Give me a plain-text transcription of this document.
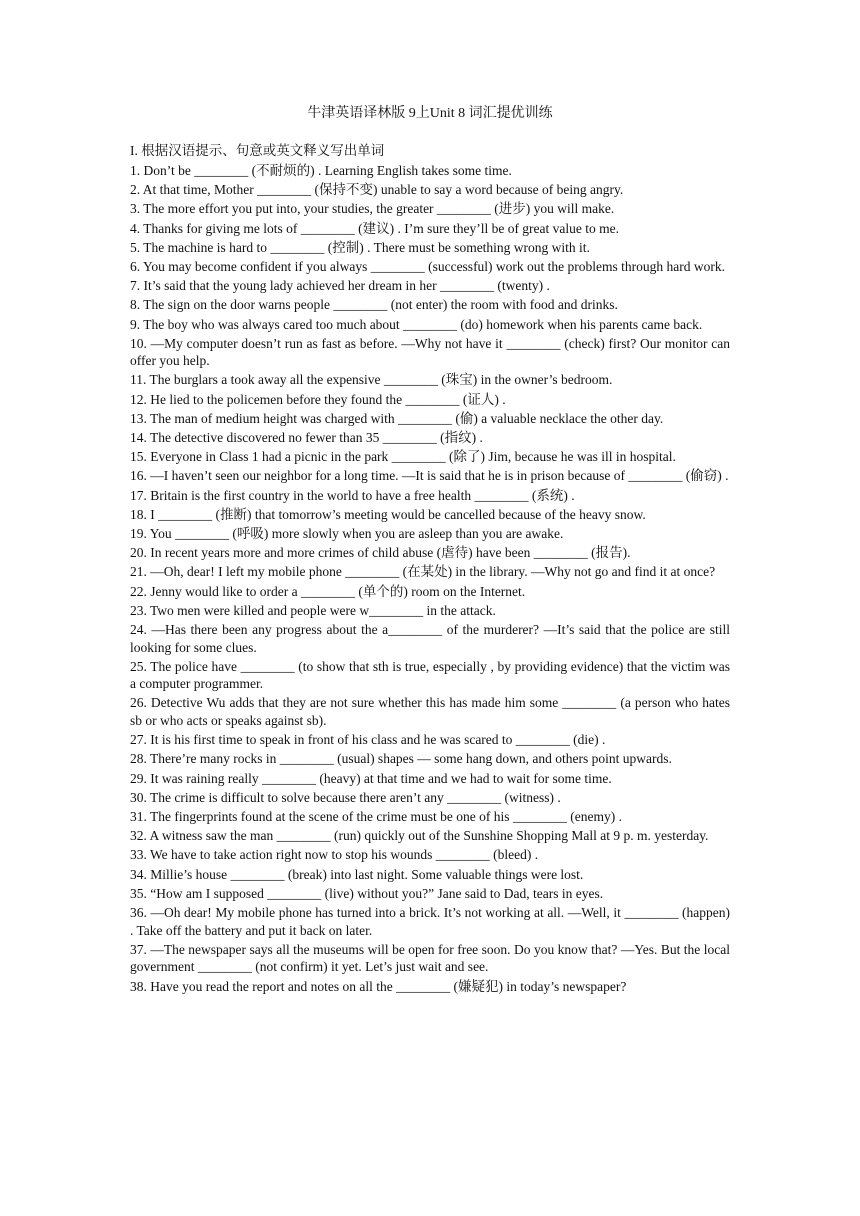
牛津英语译林版 9上Unit 8 词汇提优训练
I. 根据汉语提示、句意或英文释义写出单词
1. Don’t be ________ (不耐烦的) . Learning English takes some time.
2. At that time, Mother ________ (保持不变) unable to say a word because of being angry.
3. The more effort you put into, your studies, the greater ________ (进步) you will make.
4. Thanks for giving me lots of ________ (建议) . I’m sure they’ll be of great value to me.
5. The machine is hard to ________ (控制) . There must be something wrong with it.
6. You may become confident if you always ________ (successful) work out the problems through hard work.
7. It’s said that the young lady achieved her dream in her ________ (twenty) .
8. The sign on the door warns people ________ (not enter) the room with food and drinks.
9. The boy who was always cared too much about ________ (do) homework when his parents came back.
10. —My computer doesn’t run as fast as before. —Why not have it ________ (check) first? Our monitor can offer you help.
11. The burglars a took away all the expensive ________ (珠宝) in the owner’s bedroom.
12. He lied to the policemen before they found the ________ (证人) .
13. The man of medium height was charged with ________ (偷) a valuable necklace the other day.
14. The detective discovered no fewer than 35 ________ (指纹) .
15. Everyone in Class 1 had a picnic in the park ________ (除了) Jim, because he was ill in hospital.
16. —I haven’t seen our neighbor for a long time. —It is said that he is in prison because of ________ (偷窃) .
17. Britain is the first country in the world to have a free health ________ (系统) .
18. I ________ (推断) that tomorrow’s meeting would be cancelled because of the heavy snow.
19. You ________ (呼吸) more slowly when you are asleep than you are awake.
20. In recent years more and more crimes of child abuse (虐待) have been ________ (报告).
21. —Oh, dear! I left my mobile phone ________ (在某处) in the library. —Why not go and find it at once?
22. Jenny would like to order a ________ (单个的) room on the Internet.
23. Two men were killed and people were w________ in the attack.
24. —Has there been any progress about the a________ of the murderer? —It’s said that the police are still looking for some clues.
25. The police have ________ (to show that sth is true, especially , by providing evidence) that the victim was a computer programmer.
26. Detective Wu adds that they are not sure whether this has made him some ________ (a person who hates sb or who acts or speaks against sb).
27. It is his first time to speak in front of his class and he was scared to ________ (die) .
28. There’re many rocks in ________ (usual) shapes — some hang down, and others point upwards.
29. It was raining really ________ (heavy) at that time and we had to wait for some time.
30. The crime is difficult to solve because there aren’t any ________ (witness) .
31. The fingerprints found at the scene of the crime must be one of his ________ (enemy) .
32. A witness saw the man ________ (run) quickly out of the Sunshine Shopping Mall at 9 p. m. yesterday.
33. We have to take action right now to stop his wounds ________ (bleed) .
34. Millie’s house ________ (break) into last night. Some valuable things were lost.
35. “How am I supposed ________ (live) without you?” Jane said to Dad, tears in eyes.
36. —Oh dear! My mobile phone has turned into a brick. It’s not working at all. —Well, it ________ (happen) . Take off the battery and put it back on later.
37. —The newspaper says all the museums will be open for free soon. Do you know that? —Yes. But the local government ________ (not confirm) it yet. Let’s just wait and see.
38. Have you read the report and notes on all the ________ (嫌疑犯) in today’s newspaper?
